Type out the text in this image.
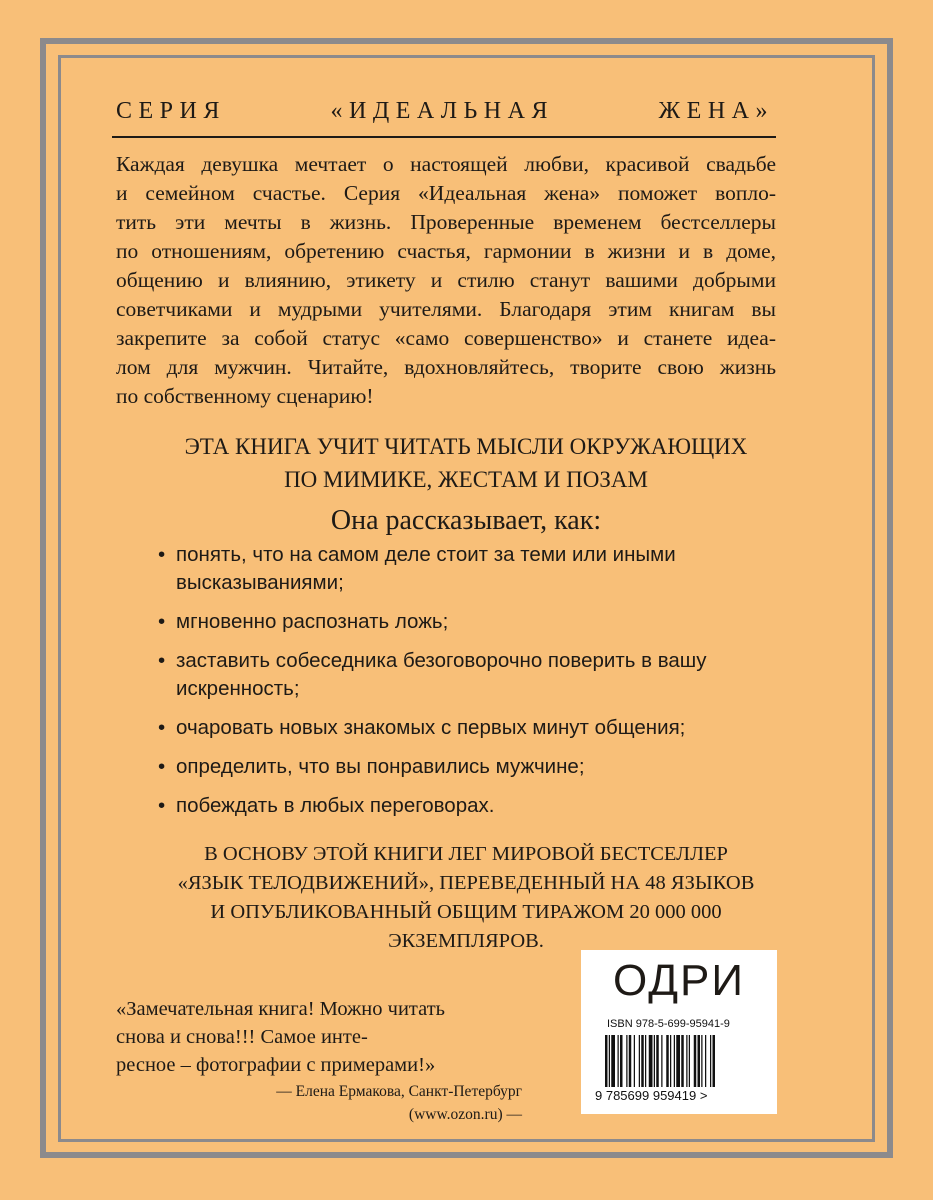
СЕРИЯ «ИДЕАЛЬНАЯ ЖЕНА»

Каждая девушка мечтает о настоящей любви, красивой свадьбе
и семейном счастье. Серия «Идеальная жена» поможет вопло-
тить эти мечты в жизнь. Проверенные временем бестселлеры
по отношениям, обретению счастья, гармонии в жизни и в доме,
общению и влиянию, этикету и стилю станут вашими добрыми
советчиками и мудрыми учителями. Благодаря этим книгам вы
закрепите за собой статус «само совершенство» и станете идеа-
лом для мужчин. Читайте, вдохновляйтесь, творите свою жизнь
по собственному сценарию!

ЭТА КНИГА УЧИТ ЧИТАТЬ МЫСЛИ ОКРУЖАЮЩИХ
ПО МИМИКЕ, ЖЕСТАМ И ПОЗАМ
Она рассказывает, как:
• понять, что на самом деле стоит за теми или иными высказываниями;
• мгновенно распознать ложь;
• заставить собеседника безоговорочно поверить в вашу искренность;
• очаровать новых знакомых с первых минут общения;
• определить, что вы понравились мужчине;
• побеждать в любых переговорах.
В ОСНОВУ ЭТОЙ КНИГИ ЛЕГ МИРОВОЙ БЕСТСЕЛЛЕР
«ЯЗЫК ТЕЛОДВИЖЕНИЙ», ПЕРЕВЕДЕННЫЙ НА 48 ЯЗЫКОВ
И ОПУБЛИКОВАННЫЙ ОБЩИМ ТИРАЖОМ 20 000 000
ЭКЗЕМПЛЯРОВ.
«Замечательная книга! Можно читать
снова и снова!!! Самое инте-
ресное – фотографии с примерами!»
— Елена Ермакова, Санкт-Петербург
(www.ozon.ru) —
ОДРИ
ISBN 978-5-699-95941-9
9 785699 959419 >
